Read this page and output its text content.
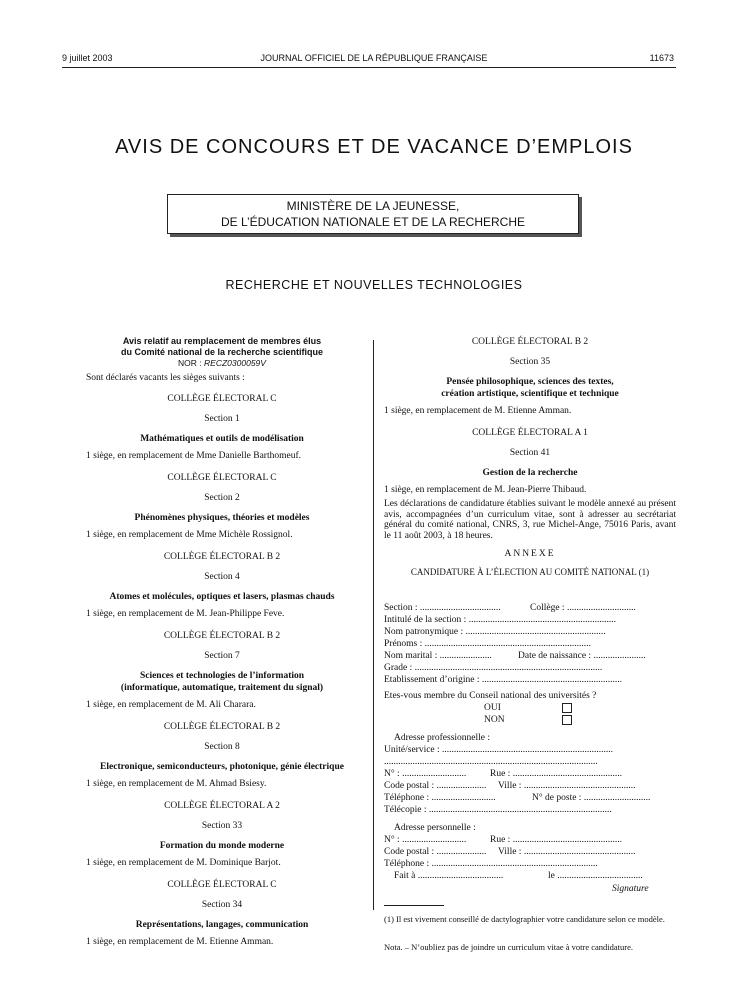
9 juillet 2003	JOURNAL OFFICIEL DE LA RÉPUBLIQUE FRANÇAISE	11673
AVIS DE CONCOURS ET DE VACANCE D’EMPLOIS
MINISTÈRE DE LA JEUNESSE,
DE L’ÉDUCATION NATIONALE ET DE LA RECHERCHE
RECHERCHE ET NOUVELLES TECHNOLOGIES

Avis relatif au remplacement de membres élus

du Comité national de la recherche scientifique

NOR : RECZ0300059V

Sont déclarés vacants les sièges suivants :

COLLÈGE ÉLECTORAL C

Section 1

Mathématiques et outils de modélisation

1 siège, en remplacement de Mme Danielle Barthomeuf.

COLLÈGE ÉLECTORAL C

Section 2

Phénomènes physiques, théories et modèles

1 siège, en remplacement de Mme Michèle Rossignol.

COLLÈGE ÉLECTORAL B 2

Section 4

Atomes et molécules, optiques et lasers, plasmas chauds

1 siège, en remplacement de M. Jean-Philippe Feve.

COLLÈGE ÉLECTORAL B 2

Section 7

Sciences et technologies de l’information

(informatique, automatique, traitement du signal)

1 siège, en remplacement de M. Ali Charara.

COLLÈGE ÉLECTORAL B 2

Section 8

Electronique, semiconducteurs, photonique, génie électrique

1 siège, en remplacement de M. Ahmad Bsiesy.

COLLÈGE ÉLECTORAL A 2

Section 33

Formation du monde moderne

1 siège, en remplacement de M. Dominique Barjot.

COLLÈGE ÉLECTORAL C

Section 34

Représentations, langages, communication

1 siège, en remplacement de M. Etienne Amman.

COLLÈGE ÉLECTORAL B 2

Section 35

Pensée philosophique, sciences des textes,

création artistique, scientifique et technique

1 siège, en remplacement de M. Etienne Amman.

COLLÈGE ÉLECTORAL A 1

Section 41

Gestion de la recherche

1 siège, en remplacement de M. Jean-Pierre Thibaud.

Les déclarations de candidature établies suivant le modèle annexé au présent avis, accompagnées d’un curriculum vitae, sont à adresser au secrétariat général du comité national, CNRS, 3, rue Michel-Ange, 75016 Paris, avant le 11 août 2003, à 18 heures.

ANNEXE

CANDIDATURE À L’ÉLECTION AU COMITÉ NATIONAL (1)

Section : ..................................	Collège : .............................
Intitulé de la section : ..............................................................
Nom patronymique : ...........................................................
Prénoms : ......................................................................
Nom marital : ......................	Date de naissance : ......................
Grade : ...............................................................................
Etablissement d’origine : ...........................................................
Etes-vous membre du Conseil national des universités ?
OUI
NON
Adresse professionnelle :
Unité/service : ........................................................................
..........................................................................................
N° : ...........................	Rue : ..............................................
Code postal : ..................... Ville : ...............................................
Téléphone : ...........................	N° de poste : ............................
Télécopie : .............................................................................
Adresse personnelle :
N° : ...........................	Rue : ..............................................
Code postal : ..................... Ville : ...............................................
Téléphone : ......................................................................
Fait à ....................................	le ....................................
Signature
(1) Il est vivement conseillé de dactylographier votre candidature selon ce modèle.
Nota. – N’oubliez pas de joindre un curriculum vitae à votre candidature.
